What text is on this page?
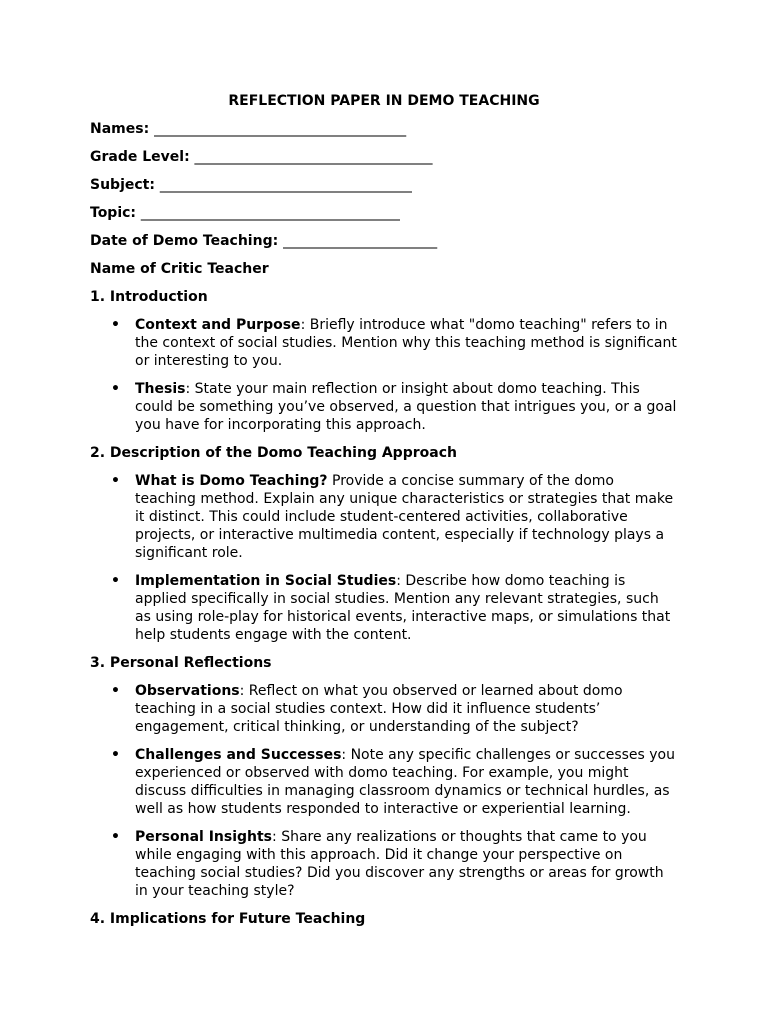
REFLECTION PAPER IN DEMO TEACHING
Names: ____________________________________
Grade Level: __________________________________
Subject: ____________________________________
Topic: _____________________________________
Date of Demo Teaching: ______________________
Name of Critic Teacher
1. Introduction
• Context and Purpose: Briefly introduce what "domo teaching" refers to in the context of social studies. Mention why this teaching method is significant or interesting to you.
• Thesis: State your main reflection or insight about domo teaching. This could be something you’ve observed, a question that intrigues you, or a goal you have for incorporating this approach.
2. Description of the Domo Teaching Approach
• What is Domo Teaching? Provide a concise summary of the domo teaching method. Explain any unique characteristics or strategies that make it distinct. This could include student-centered activities, collaborative projects, or interactive multimedia content, especially if technology plays a significant role.
• Implementation in Social Studies: Describe how domo teaching is applied specifically in social studies. Mention any relevant strategies, such as using role-play for historical events, interactive maps, or simulations that help students engage with the content.
3. Personal Reflections
• Observations: Reflect on what you observed or learned about domo teaching in a social studies context. How did it influence students’ engagement, critical thinking, or understanding of the subject?
• Challenges and Successes: Note any specific challenges or successes you experienced or observed with domo teaching. For example, you might discuss difficulties in managing classroom dynamics or technical hurdles, as well as how students responded to interactive or experiential learning.
• Personal Insights: Share any realizations or thoughts that came to you while engaging with this approach. Did it change your perspective on teaching social studies? Did you discover any strengths or areas for growth in your teaching style?
4. Implications for Future Teaching
